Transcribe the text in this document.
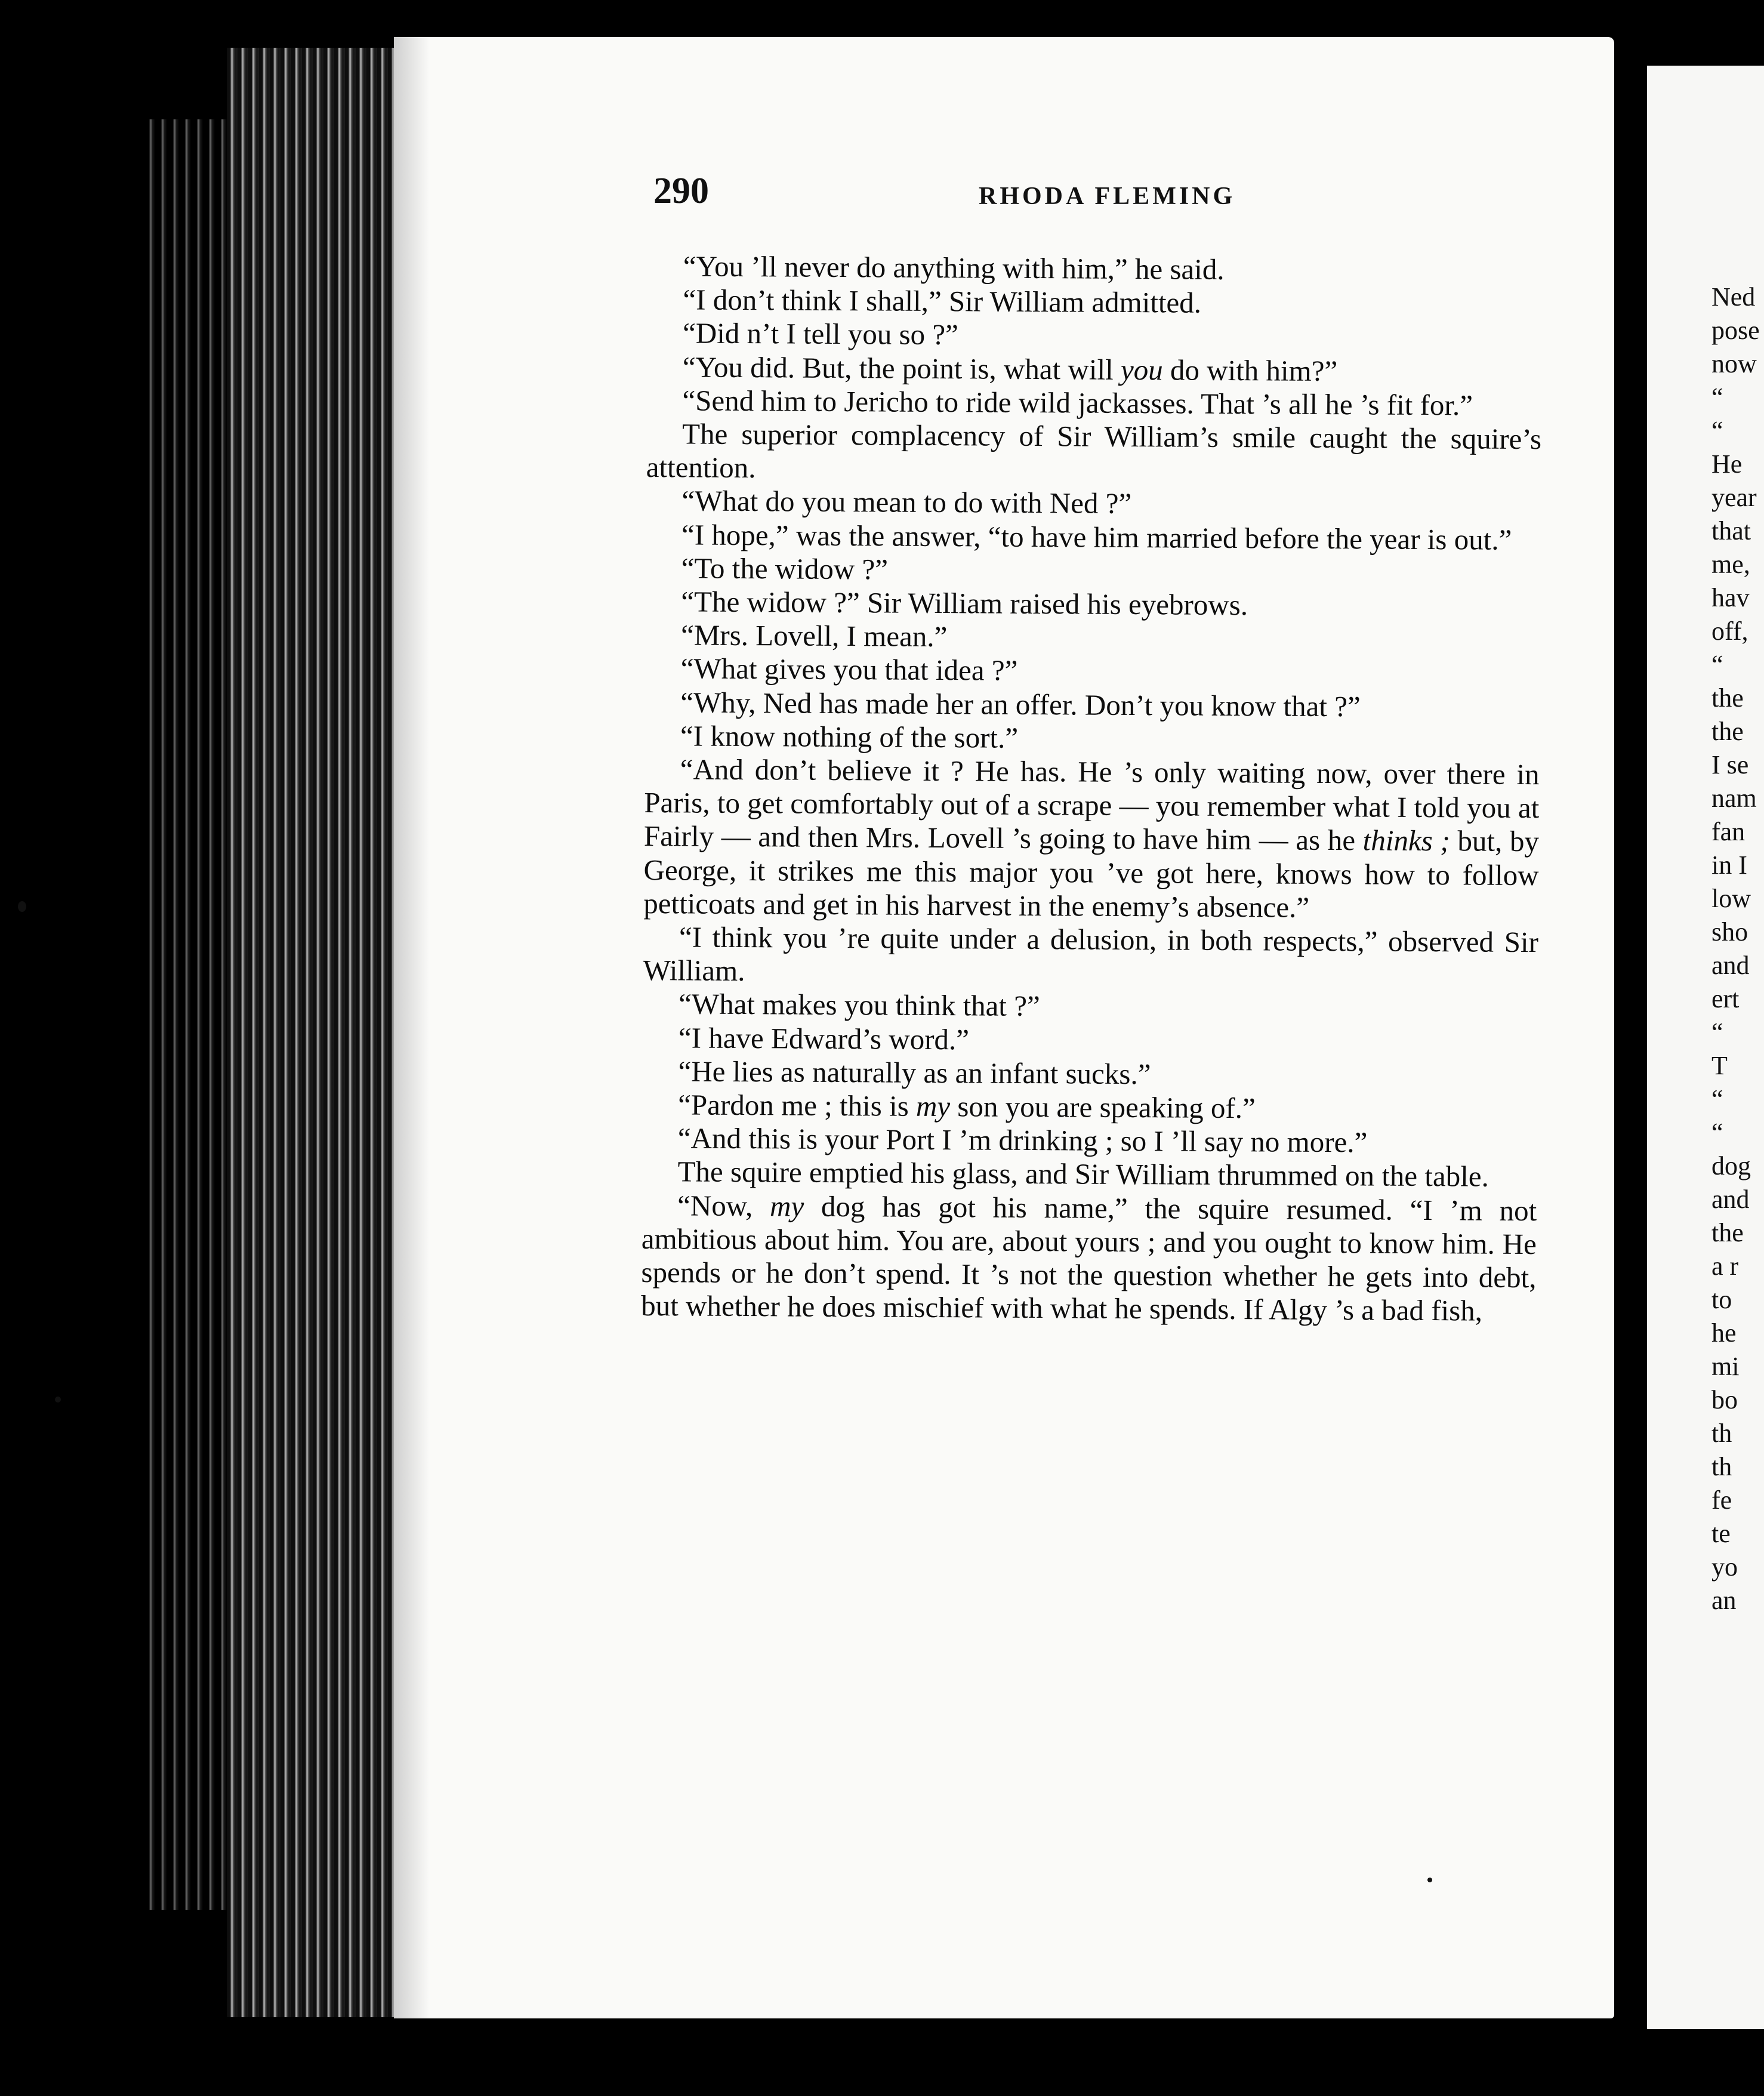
290	RHODA FLEMING

“You ’ll never do anything with him,” he said.

“I don’t think I shall,” Sir William admitted.

“Did n’t I tell you so ?”

“You did. But, the point is, what will you do with him?”

“Send him to Jericho to ride wild jackasses. That ’s all he ’s fit for.”

The superior complacency of Sir William’s smile caught the squire’s attention.

“What do you mean to do with Ned ?”

“I hope,” was the answer, “to have him married before the year is out.”

“To the widow ?”

“The widow ?” Sir William raised his eyebrows.

“Mrs. Lovell, I mean.”

“What gives you that idea ?”

“Why, Ned has made her an offer. Don’t you know that ?”

“I know nothing of the sort.”

“And don’t believe it ? He has. He ’s only waiting now, over there in Paris, to get comfortably out of a scrape — you remember what I told you at Fairly — and then Mrs. Lovell ’s going to have him — as he thinks ; but, by George, it strikes me this major you ’ve got here, knows how to follow petticoats and get in his harvest in the enemy’s absence.”

“I think you ’re quite under a delusion, in both respects,” observed Sir William.

“What makes you think that ?”

“I have Edward’s word.”

“He lies as naturally as an infant sucks.”

“Pardon me ; this is my son you are speaking of.”

“And this is your Port I ’m drinking ; so I ’ll say no more.”

The squire emptied his glass, and Sir William thrummed on the table.

“Now, my dog has got his name,” the squire resumed. “I ’m not ambitious about him. You are, about yours ; and you ought to know him. He spends or he don’t spend. It ’s not the question whether he gets into debt, but whether he does mischief with what he spends. If Algy ’s a bad fish,

Ned
pose
now
“
“
He
year
that
me,
hav
off,
“
the
the
I se
nam
fan
in I
low
sho
and
ert
“
T
“
“
dog
and
the
a r
to
he
mi
bo
th
th
fe
te
yo
an
